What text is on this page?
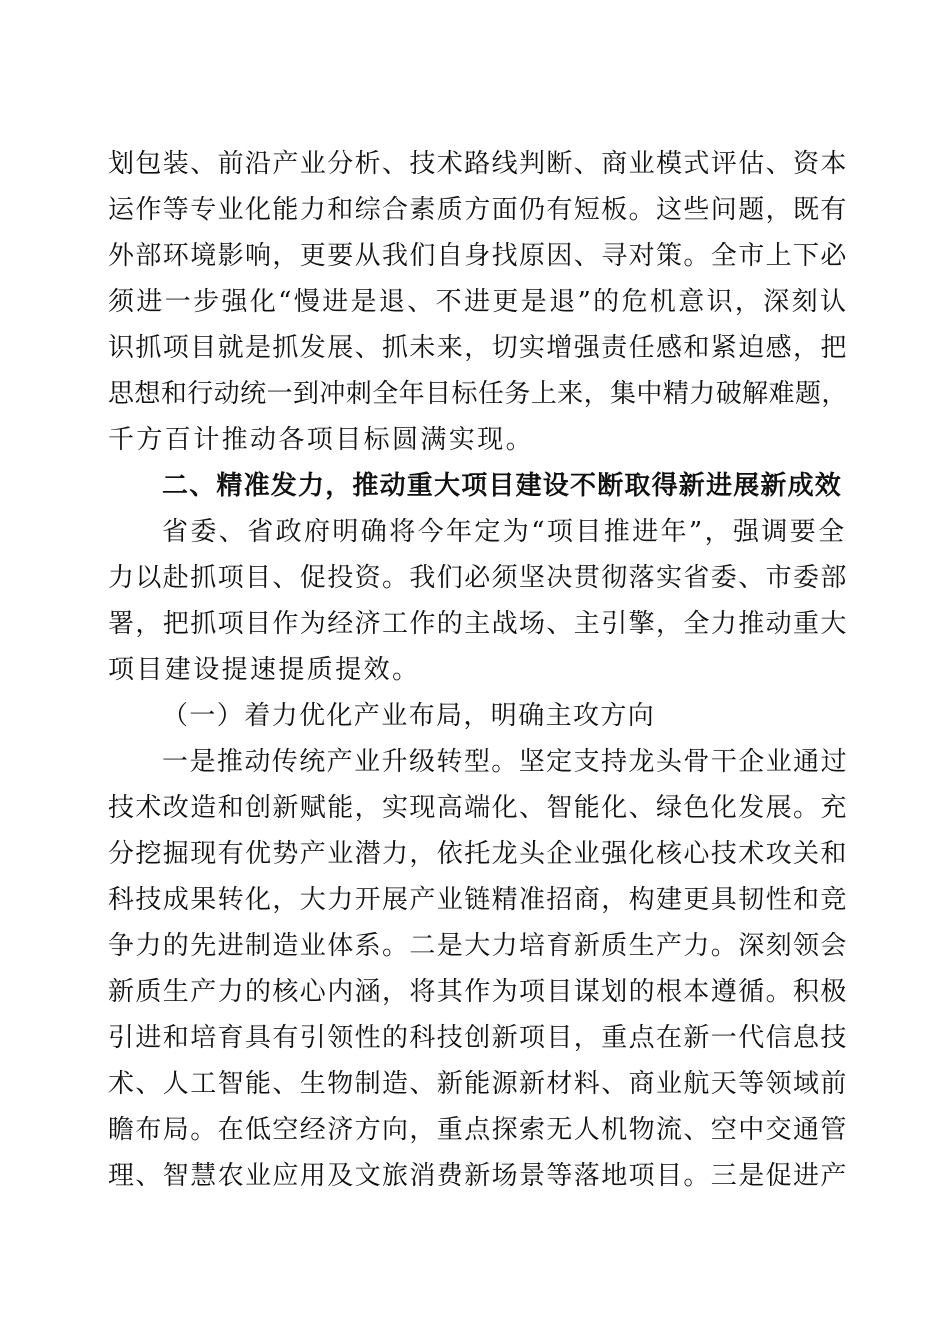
划包装、前沿产业分析、技术路线判断、商业模式评估、资本
运作等专业化能力和综合素质方面仍有短板。这些问题，既有
外部环境影响，更要从我们自身找原因、寻对策。全市上下必
须进一步强化“慢进是退、不进更是退”的危机意识，深刻认
识抓项目就是抓发展、抓未来，切实增强责任感和紧迫感，把
思想和行动统一到冲刺全年目标任务上来，集中精力破解难题，
千方百计推动各项目标圆满实现。
二、精准发力，推动重大项目建设不断取得新进展新成效
省委、省政府明确将今年定为“项目推进年”，强调要全
力以赴抓项目、促投资。我们必须坚决贯彻落实省委、市委部
署，把抓项目作为经济工作的主战场、主引擎，全力推动重大
项目建设提速提质提效。
（一）着力优化产业布局，明确主攻方向
一是推动传统产业升级转型。坚定支持龙头骨干企业通过
技术改造和创新赋能，实现高端化、智能化、绿色化发展。充
分挖掘现有优势产业潜力，依托龙头企业强化核心技术攻关和
科技成果转化，大力开展产业链精准招商，构建更具韧性和竞
争力的先进制造业体系。二是大力培育新质生产力。深刻领会
新质生产力的核心内涵，将其作为项目谋划的根本遵循。积极
引进和培育具有引领性的科技创新项目，重点在新一代信息技
术、人工智能、生物制造、新能源新材料、商业航天等领域前
瞻布局。在低空经济方向，重点探索无人机物流、空中交通管
理、智慧农业应用及文旅消费新场景等落地项目。三是促进产
